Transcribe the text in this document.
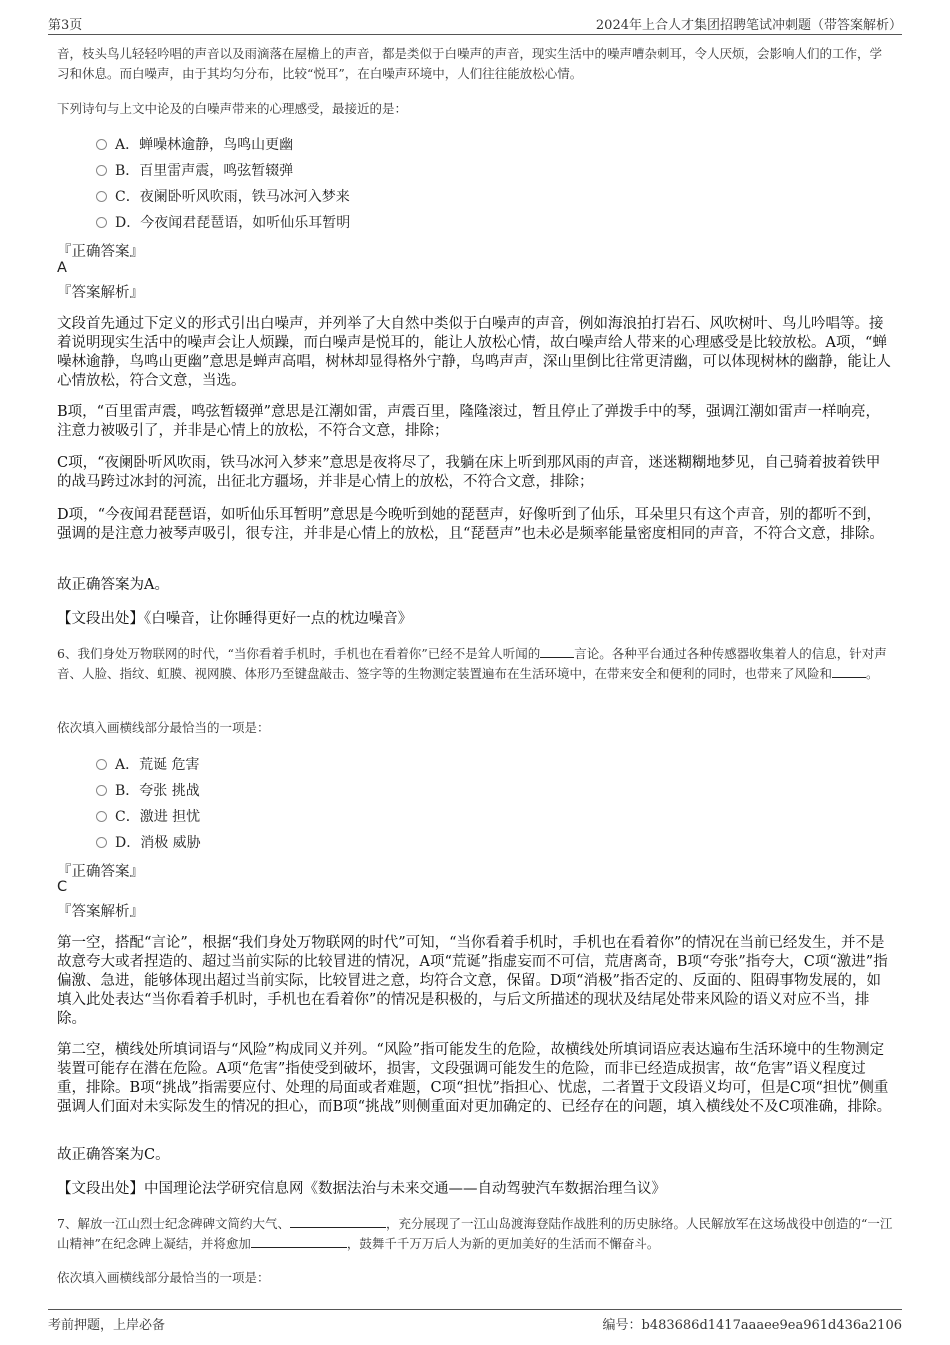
第3页	2024年上合人才集团招聘笔试冲刺题（带答案解析）
音，枝头鸟儿轻轻吟唱的声音以及雨滴落在屋檐上的声音，都是类似于白噪声的声音，现实生活中的噪声嘈杂刺耳，令人厌烦，会影响人们的工作，学习和休息。而白噪声，由于其均匀分布，比较“悦耳”，在白噪声环境中，人们往往能放松心情。
下列诗句与上文中论及的白噪声带来的心理感受，最接近的是：
A．蝉噪林逾静，鸟鸣山更幽
B．百里雷声震，鸣弦暂辍弹
C．夜阑卧听风吹雨，铁马冰河入梦来
D．今夜闻君琵琶语，如听仙乐耳暂明
『正确答案』
A
『答案解析』
文段首先通过下定义的形式引出白噪声，并列举了大自然中类似于白噪声的声音，例如海浪拍打岩石、风吹树叶、鸟儿吟唱等。接着说明现实生活中的噪声会让人烦躁，而白噪声是悦耳的，能让人放松心情，故白噪声给人带来的心理感受是比较放松。A项，“蝉噪林逾静，鸟鸣山更幽”意思是蝉声高唱，树林却显得格外宁静，鸟鸣声声，深山里倒比往常更清幽，可以体现树林的幽静，能让人心情放松，符合文意，当选。
B项，“百里雷声震，鸣弦暂辍弹”意思是江潮如雷，声震百里，隆隆滚过，暂且停止了弹拨手中的琴，强调江潮如雷声一样响亮，注意力被吸引了，并非是心情上的放松，不符合文意，排除；
C项，“夜阑卧听风吹雨，铁马冰河入梦来”意思是夜将尽了，我躺在床上听到那风雨的声音，迷迷糊糊地梦见，自己骑着披着铁甲的战马跨过冰封的河流，出征北方疆场，并非是心情上的放松，不符合文意，排除；
D项，“今夜闻君琵琶语，如听仙乐耳暂明”意思是今晚听到她的琵琶声，好像听到了仙乐，耳朵里只有这个声音，别的都听不到，强调的是注意力被琴声吸引，很专注，并非是心情上的放松，且“琵琶声”也未必是频率能量密度相同的声音，不符合文意，排除。
故正确答案为A。
【文段出处】《白噪音，让你睡得更好一点的枕边噪音》
6、我们身处万物联网的时代，“当你看着手机时，手机也在看着你”已经不是耸人听闻的	言论。各种平台通过各种传感器收集着人的信息，针对声音、人脸、指纹、虹膜、视网膜、体形乃至键盘敲击、签字等的生物测定装置遍布在生活环境中，在带来安全和便利的同时，也带来了风险和	。
依次填入画横线部分最恰当的一项是：
A．荒诞 危害
B．夸张 挑战
C．激进 担忧
D．消极 威胁
『正确答案』
C
『答案解析』
第一空，搭配“言论”，根据“我们身处万物联网的时代”可知，“当你看着手机时，手机也在看着你”的情况在当前已经发生，并不是故意夸大或者捏造的、超过当前实际的比较冒进的情况，A项“荒诞”指虚妄而不可信，荒唐离奇，B项“夸张”指夸大，C项“激进”指偏激、急进，能够体现出超过当前实际，比较冒进之意，均符合文意，保留。D项“消极”指否定的、反面的、阻碍事物发展的，如填入此处表达“当你看着手机时，手机也在看着你”的情况是积极的，与后文所描述的现状及结尾处带来风险的语义对应不当，排除。
第二空，横线处所填词语与“风险”构成同义并列。“风险”指可能发生的危险，故横线处所填词语应表达遍布生活环境中的生物测定装置可能存在潜在危险。A项“危害”指使受到破坏，损害，文段强调可能发生的危险，而非已经造成损害，故“危害”语义程度过重，排除。B项“挑战”指需要应付、处理的局面或者难题，C项“担忧”指担心、忧虑，二者置于文段语义均可，但是C项“担忧”侧重强调人们面对未实际发生的情况的担心，而B项“挑战”则侧重面对更加确定的、已经存在的问题，填入横线处不及C项准确，排除。
故正确答案为C。
【文段出处】中国理论法学研究信息网《数据法治与未来交通——自动驾驶汽车数据治理刍议》
7、解放一江山烈士纪念碑碑文简约大气、	，充分展现了一江山岛渡海登陆作战胜利的历史脉络。人民解放军在这场战役中创造的“一江山精神”在纪念碑上凝结，并将愈加	，鼓舞千千万万后人为新的更加美好的生活而不懈奋斗。
依次填入画横线部分最恰当的一项是：
考前押题，上岸必备	编号：b483686d1417aaaee9ea961d436a2106
